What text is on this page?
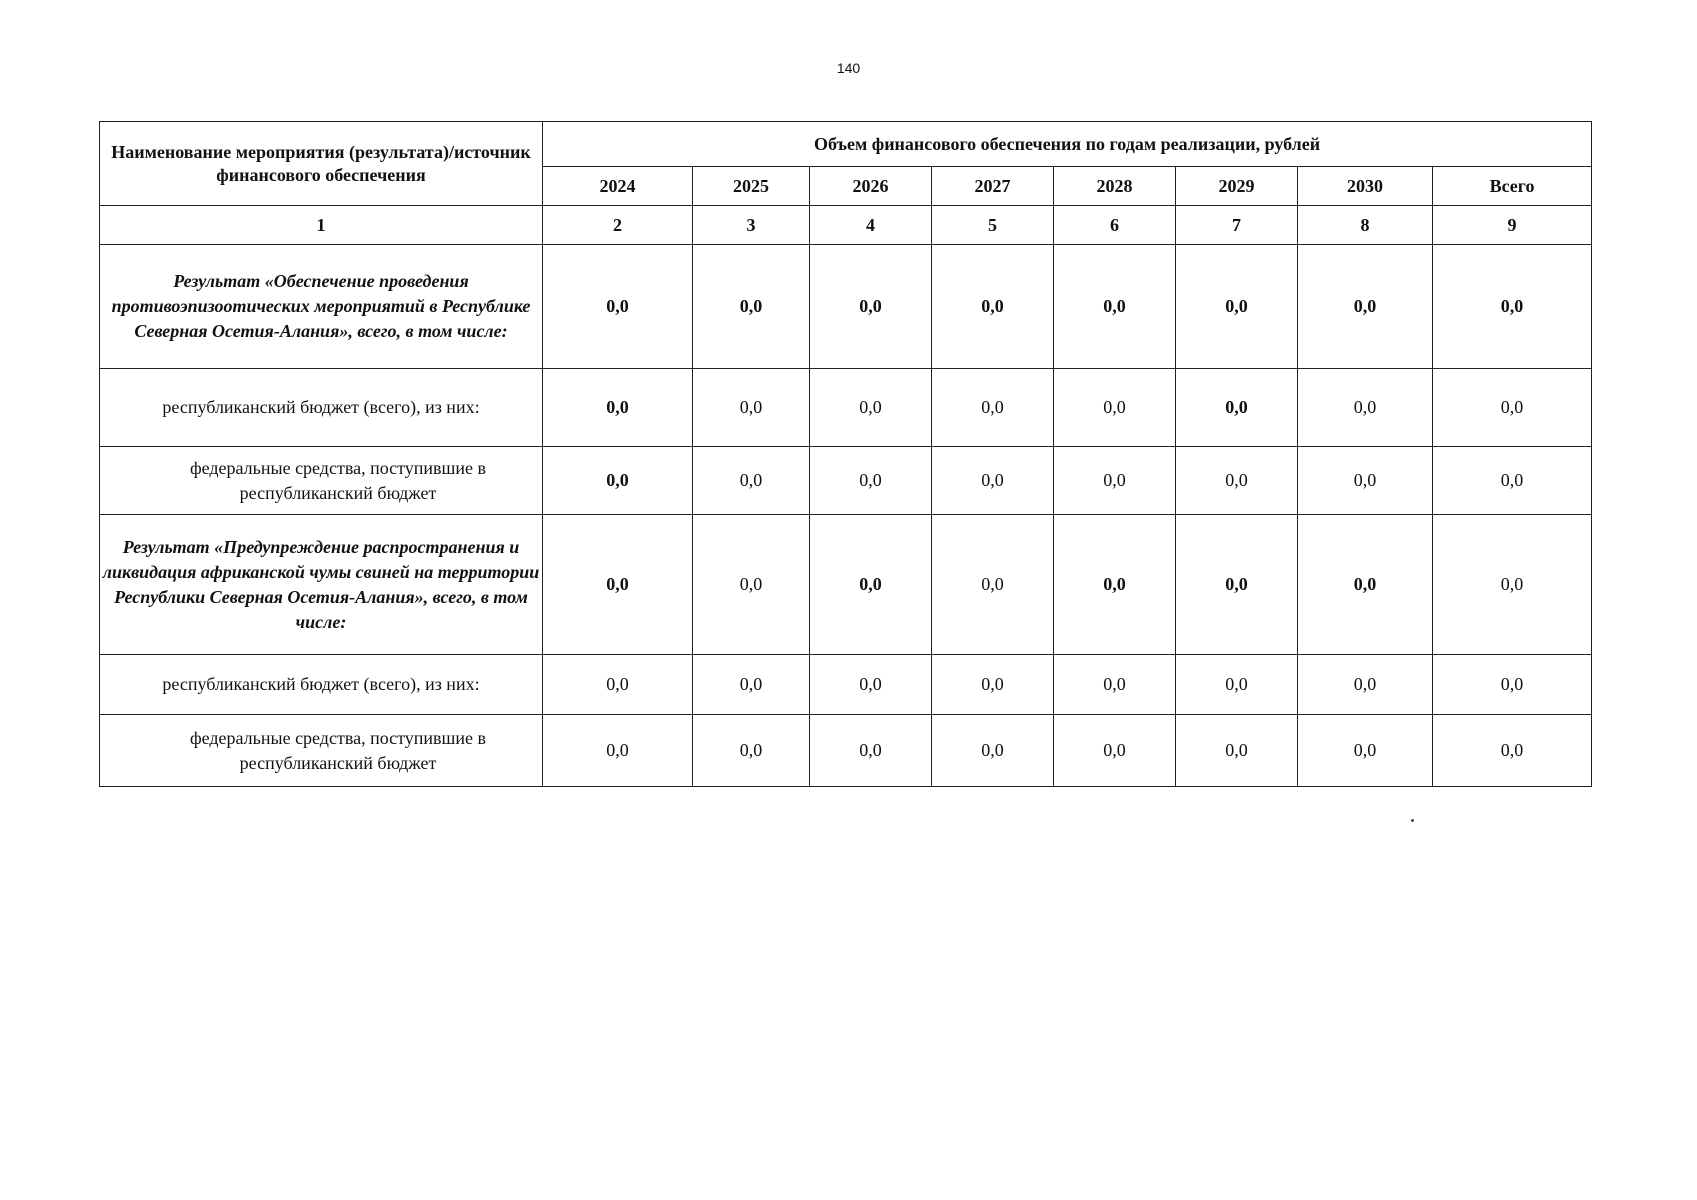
140
Наименование мероприятия (результата)/источник финансового обеспечения	Объем финансового обеспечения по годам реализации, рублей							
	2024	2025	2026	2027	2028	2029	2030	Всего
1	2	3	4	5	6	7	8	9
Результат «Обеспечение проведения противоэпизоотических мероприятий в Республике Северная Осетия-Алания», всего, в том числе:	0,0	0,0	0,0	0,0	0,0	0,0	0,0	0,0
республиканский бюджет (всего), из них:	0,0	0,0	0,0	0,0	0,0	0,0	0,0	0,0
федеральные средства, поступившие в республиканский бюджет	0,0	0,0	0,0	0,0	0,0	0,0	0,0	0,0
Результат «Предупреждение распространения и ликвидация африканской чумы свиней на территории Республики Северная Осетия-Алания», всего, в том числе:	0,0	0,0	0,0	0,0	0,0	0,0	0,0	0,0
республиканский бюджет (всего), из них:	0,0	0,0	0,0	0,0	0,0	0,0	0,0	0,0
федеральные средства, поступившие в республиканский бюджет	0,0	0,0	0,0	0,0	0,0	0,0	0,0	0,0
